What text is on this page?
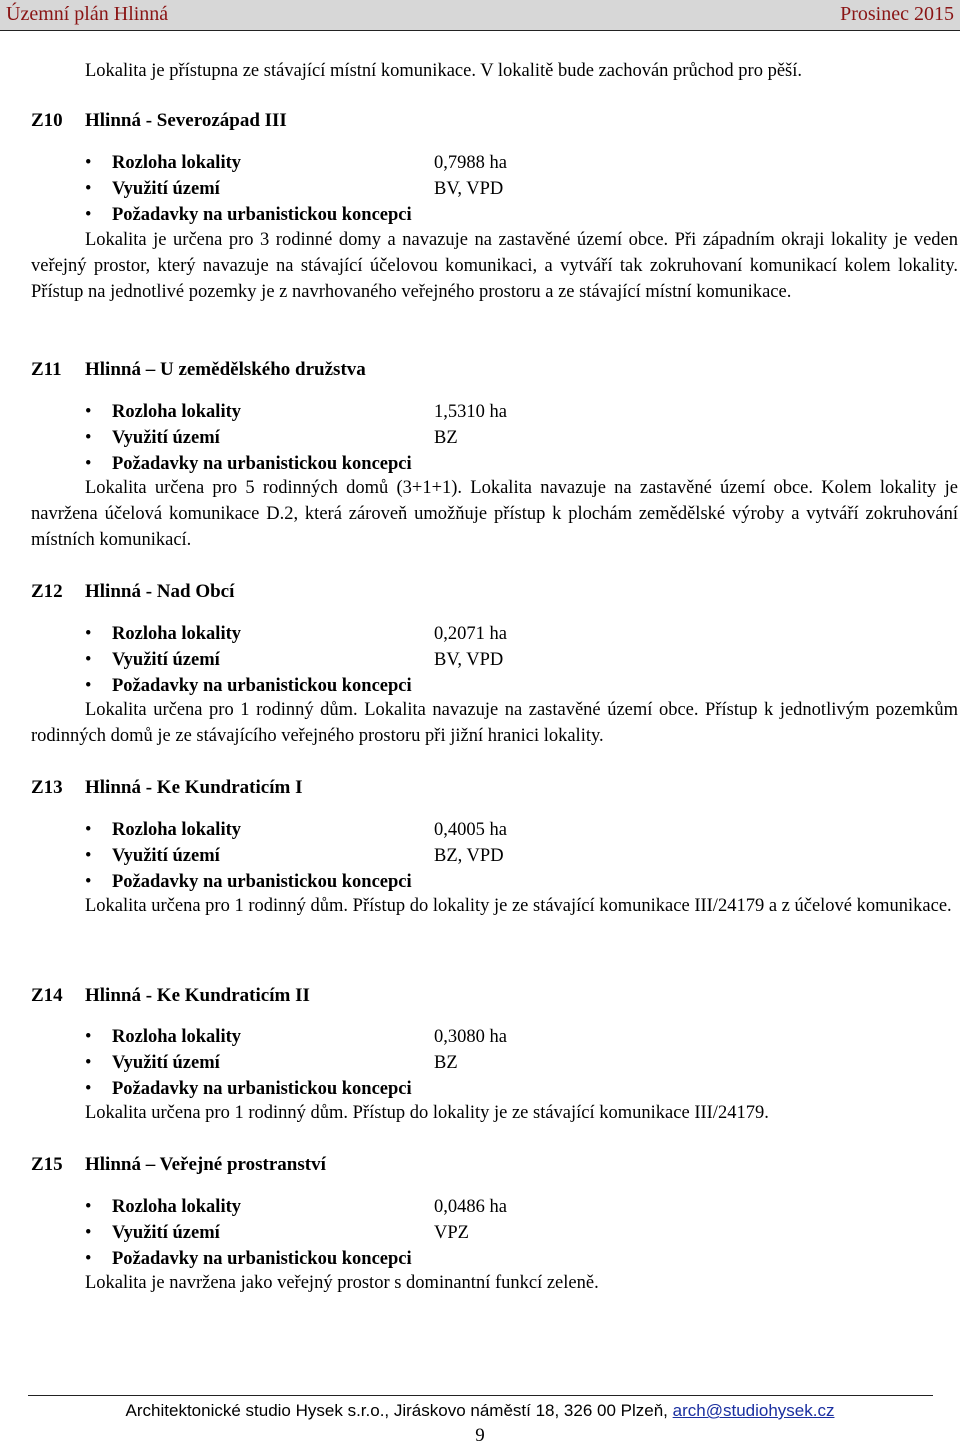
Územní plán Hlinná	Prosinec 2015
Lokalita je přístupna ze stávající místní komunikace. V lokalitě bude zachován průchod pro pěší.
Z10 Hlinná - Severozápad III
• Rozloha lokality	0,7988 ha
• Využití území	BV, VPD
• Požadavky na urbanistickou koncepci
Lokalita je určena pro 3 rodinné domy a navazuje na zastavěné území obce. Při západním okraji lokality je veden veřejný prostor, který navazuje na stávající účelovou komunikaci, a vytváří tak zokruhovaní komunikací kolem lokality. Přístup na jednotlivé pozemky je z navrhovaného veřejného prostoru a ze stávající místní komunikace.
Z11 Hlinná – U zemědělského družstva
• Rozloha lokality	1,5310 ha
• Využití území	BZ
• Požadavky na urbanistickou koncepci
Lokalita určena pro 5 rodinných domů (3+1+1). Lokalita navazuje na zastavěné území obce. Kolem lokality je navržena účelová komunikace D.2, která zároveň umožňuje přístup k plochám zemědělské výroby a vytváří zokruhování místních komunikací.
Z12 Hlinná - Nad Obcí
• Rozloha lokality	0,2071 ha
• Využití území	BV, VPD
• Požadavky na urbanistickou koncepci
Lokalita určena pro 1 rodinný dům. Lokalita navazuje na zastavěné území obce. Přístup k jednotlivým pozemkům rodinných domů je ze stávajícího veřejného prostoru při jižní hranici lokality.
Z13 Hlinná - Ke Kundraticím I
• Rozloha lokality	0,4005 ha
• Využití území	BZ, VPD
• Požadavky na urbanistickou koncepci
Lokalita určena pro 1 rodinný dům. Přístup do lokality je ze stávající komunikace III/24179 a z účelové komunikace.
Z14 Hlinná - Ke Kundraticím II
• Rozloha lokality	0,3080 ha
• Využití území	BZ
• Požadavky na urbanistickou koncepci
Lokalita určena pro 1 rodinný dům. Přístup do lokality je ze stávající komunikace III/24179.
Z15 Hlinná – Veřejné prostranství
• Rozloha lokality	0,0486 ha
• Využití území	VPZ
• Požadavky na urbanistickou koncepci
Lokalita je navržena jako veřejný prostor s dominantní funkcí zeleně.
Architektonické studio Hysek s.r.o., Jiráskovo náměstí 18, 326 00 Plzeň, arch@studiohysek.cz
9
